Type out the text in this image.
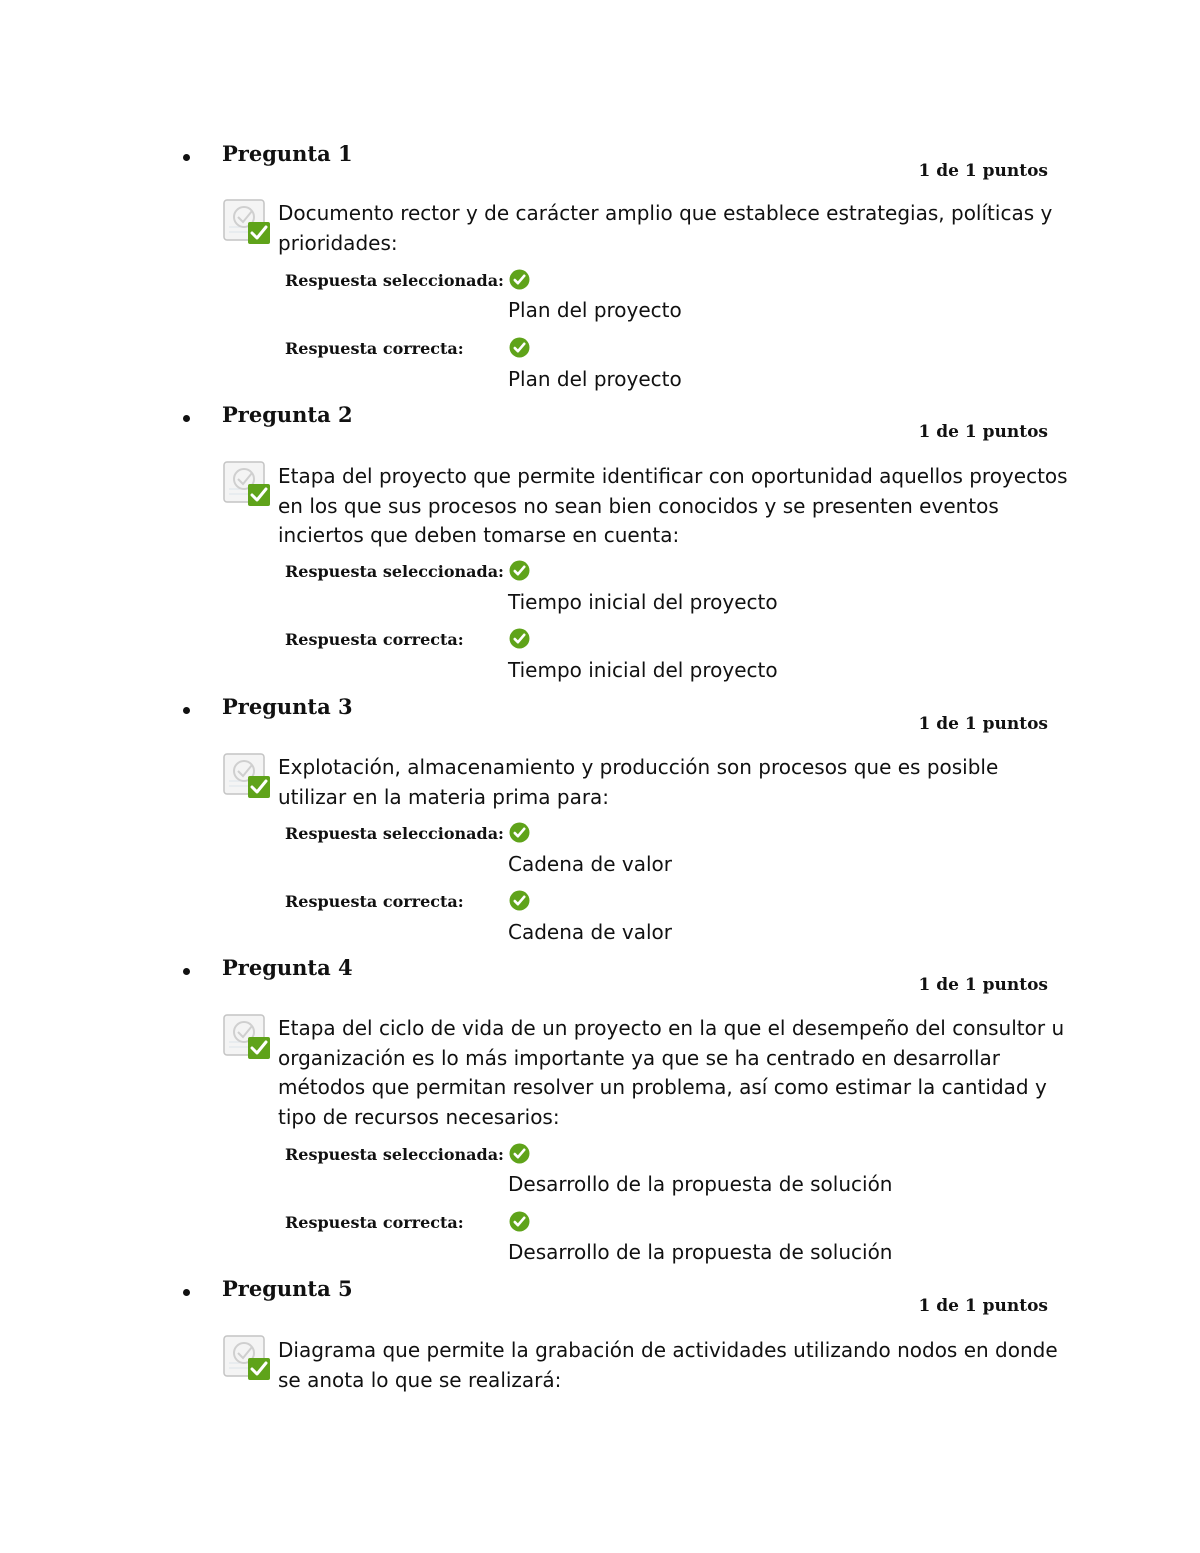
Pregunta 1
1 de 1 puntos

Documento rector y de carácter amplio que establece estrategias, políticas y prioridades:

Respuesta seleccionada:
Plan del proyecto
Respuesta correcta:
Plan del proyecto
Pregunta 2
1 de 1 puntos

Etapa del proyecto que permite identificar con oportunidad aquellos proyectos en los que sus procesos no sean bien conocidos y se presenten eventos inciertos que deben tomarse en cuenta:

Respuesta seleccionada:
Tiempo inicial del proyecto
Respuesta correcta:
Tiempo inicial del proyecto
Pregunta 3
1 de 1 puntos

Explotación, almacenamiento y producción son procesos que es posible utilizar en la materia prima para:

Respuesta seleccionada:
Cadena de valor
Respuesta correcta:
Cadena de valor
Pregunta 4
1 de 1 puntos

Etapa del ciclo de vida de un proyecto en la que el desempeño del consultor u organización es lo más importante ya que se ha centrado en desarrollar métodos que permitan resolver un problema, así como estimar la cantidad y tipo de recursos necesarios:

Respuesta seleccionada:
Desarrollo de la propuesta de solución
Respuesta correcta:
Desarrollo de la propuesta de solución
Pregunta 5
1 de 1 puntos

Diagrama que permite la grabación de actividades utilizando nodos en donde se anota lo que se realizará:
